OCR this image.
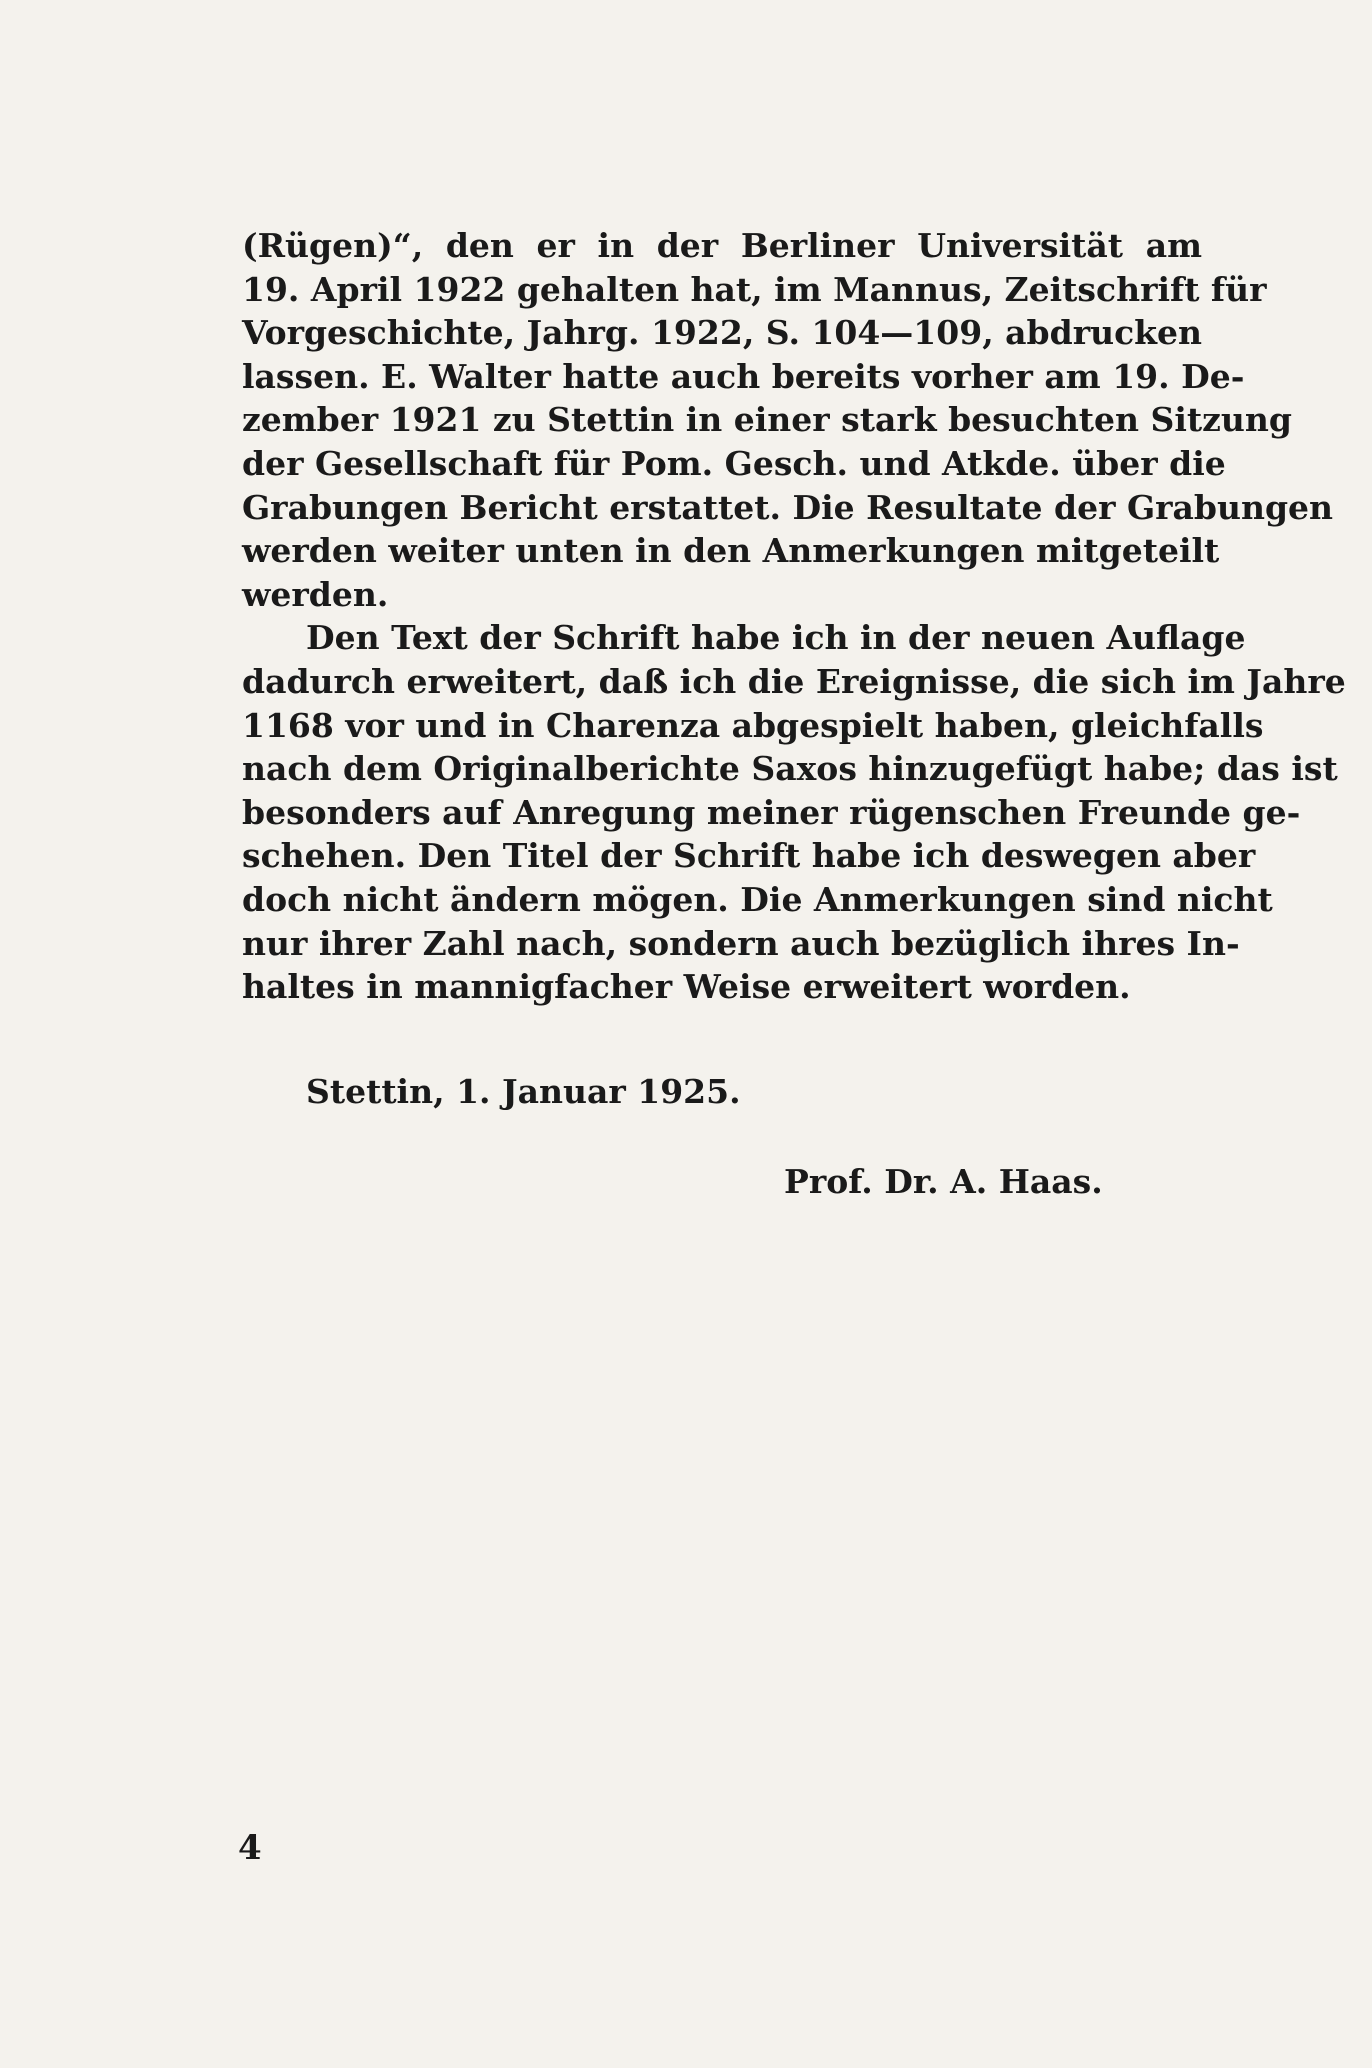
(Rügen)“, den er in der Berliner Universität am
19. April 1922 gehalten hat, im Mannus, Zeitschrift für
Vorgeschichte, Jahrg. 1922, S. 104—109, abdrucken
lassen. E. Walter hatte auch bereits vorher am 19. De-
zember 1921 zu Stettin in einer stark besuchten Sitzung
der Gesellschaft für Pom. Gesch. und Atkde. über die
Grabungen Bericht erstattet. Die Resultate der Grabungen
werden weiter unten in den Anmerkungen mitgeteilt
werden.
Den Text der Schrift habe ich in der neuen Auflage
dadurch erweitert, daß ich die Ereignisse, die sich im Jahre
1168 vor und in Charenza abgespielt haben, gleichfalls
nach dem Originalberichte Saxos hinzugefügt habe; das ist
besonders auf Anregung meiner rügenschen Freunde ge-
schehen. Den Titel der Schrift habe ich deswegen aber
doch nicht ändern mögen. Die Anmerkungen sind nicht
nur ihrer Zahl nach, sondern auch bezüglich ihres In-
haltes in mannigfacher Weise erweitert worden.
Stettin, 1. Januar 1925.
Prof. Dr. A. Haas.
4
